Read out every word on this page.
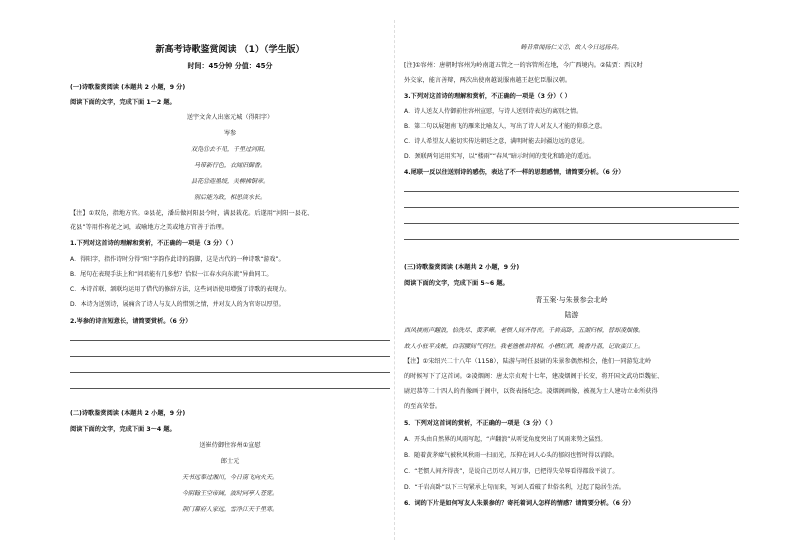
新高考诗歌鉴赏阅读 （1）（学生版）
时间：45分钟 分值：45分
(一)诗歌鉴赏阅读 (本题共 2 小题，9 分)
阅读下面的文字，完成下面 1～2 题。
送宇文舍人出塞元城（得阳字）
岑参
双凫⑪去不见，千里过河阳。
马带新行色，衣闻旧御香。
县花⑫迎墨绶，关柳拂铜章。
别后能为政，相思淡水长。
【注】①双凫，指地方官。②县花，潘岳做河阳县令时，满县栽花。后遂用“河阳一县花、
花县”等用作称花之词，或喻地方之美或地方官善于治理。
1.下列对这首诗的理解和赏析，不正确的一项是（3 分）（ ）
A．得阳字，指作诗时分得“阳”字韵作此诗的韵脚，这是古代的一种诗歌“游戏”。
B．尾句在表现手法上和“问君能有几多愁？恰似一江春水向东流”异曲同工。
C．本诗首联、颔联均运用了借代的修辞方法，这些词语使用增强了诗歌的表现力。
D．本诗为送别诗，展痛含了诗人与友人的惜别之情，并对友人的为官寄以厚望。
2.岑参的诗言短意长，请简要赏析。（6 分）
(二)诗歌鉴赏阅读 (本题共 2 小题，9 分)
阅读下面的文字，完成下面 3～4 题。
送崔侍御往容州①宣慰
郎士元
天书远奉过湘川，今日南飞向火天。
今阴翰王空帝阔，波时同亭人苍宽。
荆门幕府人家远，雪净江天千里寒。
畴昔常闻扬仁义②，故人今日远扬兵。
[注]①容州：唐朝时容州为岭南道五管之一的容管所在地，今广西境内。②陆贾：西汉时
外交家，能言善辩，两次出使南越说服南越王赵佗臣服汉朝。
3.下列对这首诗的理解和赏析，不正确的一项是（3 分）（ ）
A．诗人送友人侍御前往容州宣慰，与诗人送别诗表达的离别之情。
B．第二句以展翅南飞的雁来比喻友人，写出了诗人对友人才能的仰慕之意。
C．诗人希望友人能切实传达朝廷之意，满明时能去封疆边远的意见。
D．颈联两句运用实写，以“楼雨”“春风”暗示时间的变化和路途的遥远。
4.尾联一反以往送别诗的感伤，表达了不一样的思想感情，请简要分析。（6 分）
(三)诗歌鉴赏阅读 (本题共 2 小题，9 分)
阅读下面的文字，完成下面 5~6 题。
青玉案·与朱景参会北岭
陆游
西风挟雨声翻浪，恰洗尽、黄茅瘴。老惯人间齐得丧。千岩高卧，五湖归棹，替却凌烟像。
故人小驻平戎帐，白羽腰间气何壮。我老渔樵君将相。小槽红酒，晚香丹荔，记取蛮江上。
【注】①宋绍兴二十八年（1158），陆游与时任县尉的朱景参偶然相会，他们一同游览北岭
的时候写下了这首词。②凌烟阁：唐太宗贞观十七年，建凌烟阁于长安，将开国文武功臣魏征、
尉迟恭等二十四人的肖像画于阁中，以资表扬纪念。凌烟阁画像，被视为士人建功立业所获得
的至高荣誉。
5．下列对这首词的赏析，不正确的一项是（3 分）（ ）
A．开头由自然界的风雨写起，“声翻浪”从听觉角度突出了风雨来势之猛烈。
B．随着黄茅瘴气被秋风秋雨一扫而光，压抑在词人心头的郁闷也暂时得以消除。
C．“老惯人间齐得丧”，是说自己历尽人间万事，已把得失荣辱看得都敌平淡了。
D．“千岩高卧”以下三句紧承上句而来，写词人看破了世俗名利，过起了隐居生活。
6．词的下片是如何写友人朱景参的？寄托着词人怎样的情感？请简要分析。（6 分）
